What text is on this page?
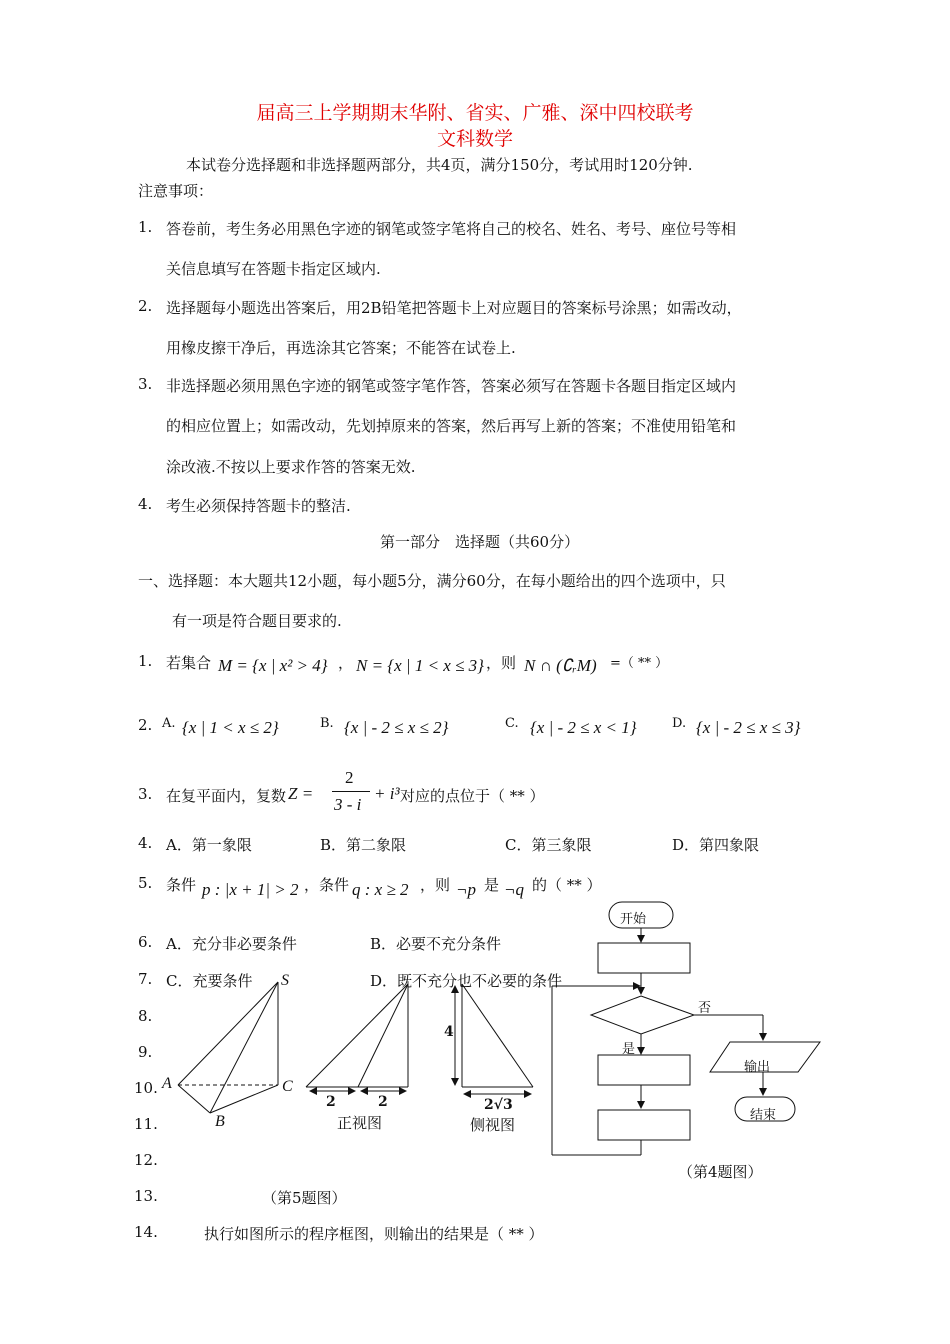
届高三上学期期末华附、省实、广雅、深中四校联考
文科数学
本试卷分选择题和非选择题两部分，共4页，满分150分，考试用时120分钟.
注意事项：
1. 答卷前，考生务必用黑色字迹的钢笔或签字笔将自己的校名、姓名、考号、座位号等相
关信息填写在答题卡指定区域内.
2. 选择题每小题选出答案后，用2B铅笔把答题卡上对应题目的答案标号涂黑；如需改动，
用橡皮擦干净后，再选涂其它答案；不能答在试卷上.
3. 非选择题必须用黑色字迹的钢笔或签字笔作答，答案必须写在答题卡各题目指定区域内
的相应位置上；如需改动，先划掉原来的答案，然后再写上新的答案；不准使用铅笔和
涂改液.不按以上要求作答的答案无效.
4. 考生必须保持答题卡的整洁.
第一部分　选择题（共60分）
一、选择题：本大题共12小题，每小题5分，满分60分，在每小题给出的四个选项中，只
有一项是符合题目要求的.
1. 若集合 M = {x | x² > 4} ， N = {x | 1 < x ≤ 3} ，则 N ∩ (∁ᵣM) =（ ** ）
2. A. {x | 1 < x ≤ 2}	B. {x | - 2 ≤ x ≤ 2}	C. {x | - 2 ≤ x < 1}	D. {x | - 2 ≤ x ≤ 3}
3. 在复平面内，复数 Z =
2
3 - i
+ i³ 对应的点位于（ ** ）
4. A．第一象限	B．第二象限	C．第三象限	D．第四象限
5. 条件 p : |x + 1| > 2 ，条件 q : x ≥ 2 ，则 ¬p 是 ¬q 的（ ** ）
6. A．充分非必要条件	B．必要不充分条件
7. C．充要条件	D．既不充分也不必要的条件
8.
9.
10.
11.
12.
13.
S
A
B
C
2	2
4
2√3
正视图	侧视图
（第5题图）
开始
否
是
输出
结束
（第4题图）
14.	执行如图所示的程序框图，则输出的结果是（ ** ）
